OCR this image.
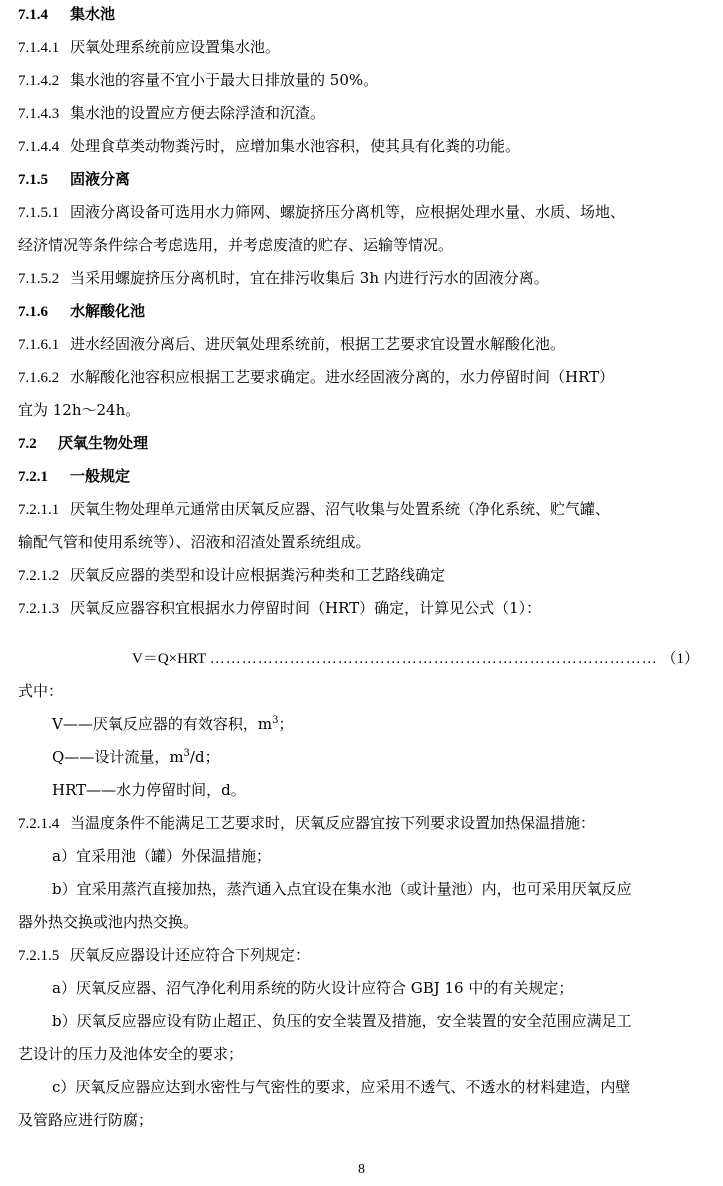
7.1.4 集水池
7.1.4.1 厌氧处理系统前应设置集水池。
7.1.4.2 集水池的容量不宜小于最大日排放量的 50%。
7.1.4.3 集水池的设置应方便去除浮渣和沉渣。
7.1.4.4 处理食草类动物粪污时，应增加集水池容积，使其具有化粪的功能。
7.1.5 固液分离
7.1.5.1 固液分离设备可选用水力筛网、螺旋挤压分离机等，应根据处理水量、水质、场地、
经济情况等条件综合考虑选用，并考虑废渣的贮存、运输等情况。
7.1.5.2 当采用螺旋挤压分离机时，宜在排污收集后 3h 内进行污水的固液分离。
7.1.6 水解酸化池
7.1.6.1 进水经固液分离后、进厌氧处理系统前，根据工艺要求宜设置水解酸化池。
7.1.6.2 水解酸化池容积应根据工艺要求确定。进水经固液分离的，水力停留时间（HRT）
宜为 12h～24h。
7.2 厌氧生物处理
7.2.1 一般规定
7.2.1.1 厌氧生物处理单元通常由厌氧反应器、沼气收集与处置系统（净化系统、贮气罐、
输配气管和使用系统等）、沼液和沼渣处置系统组成。
7.2.1.2 厌氧反应器的类型和设计应根据粪污种类和工艺路线确定
7.2.1.3 厌氧反应器容积宜根据水力停留时间（HRT）确定，计算见公式（1）：
V＝Q×HRT ………………………………………………………………………… （1）
式中：
V——厌氧反应器的有效容积，$m^3$；
Q——设计流量，$m^3/d$；
HRT——水力停留时间，d。
7.2.1.4 当温度条件不能满足工艺要求时，厌氧反应器宜按下列要求设置加热保温措施：
a）宜采用池（罐）外保温措施；
b）宜采用蒸汽直接加热，蒸汽通入点宜设在集水池（或计量池）内，也可采用厌氧反应
器外热交换或池内热交换。
7.2.1.5 厌氧反应器设计还应符合下列规定：
a）厌氧反应器、沼气净化利用系统的防火设计应符合 GBJ 16 中的有关规定；
b）厌氧反应器应设有防止超正、负压的安全装置及措施，安全装置的安全范围应满足工
艺设计的压力及池体安全的要求；
c）厌氧反应器应达到水密性与气密性的要求，应采用不透气、不透水的材料建造，内壁
及管路应进行防腐；
8
